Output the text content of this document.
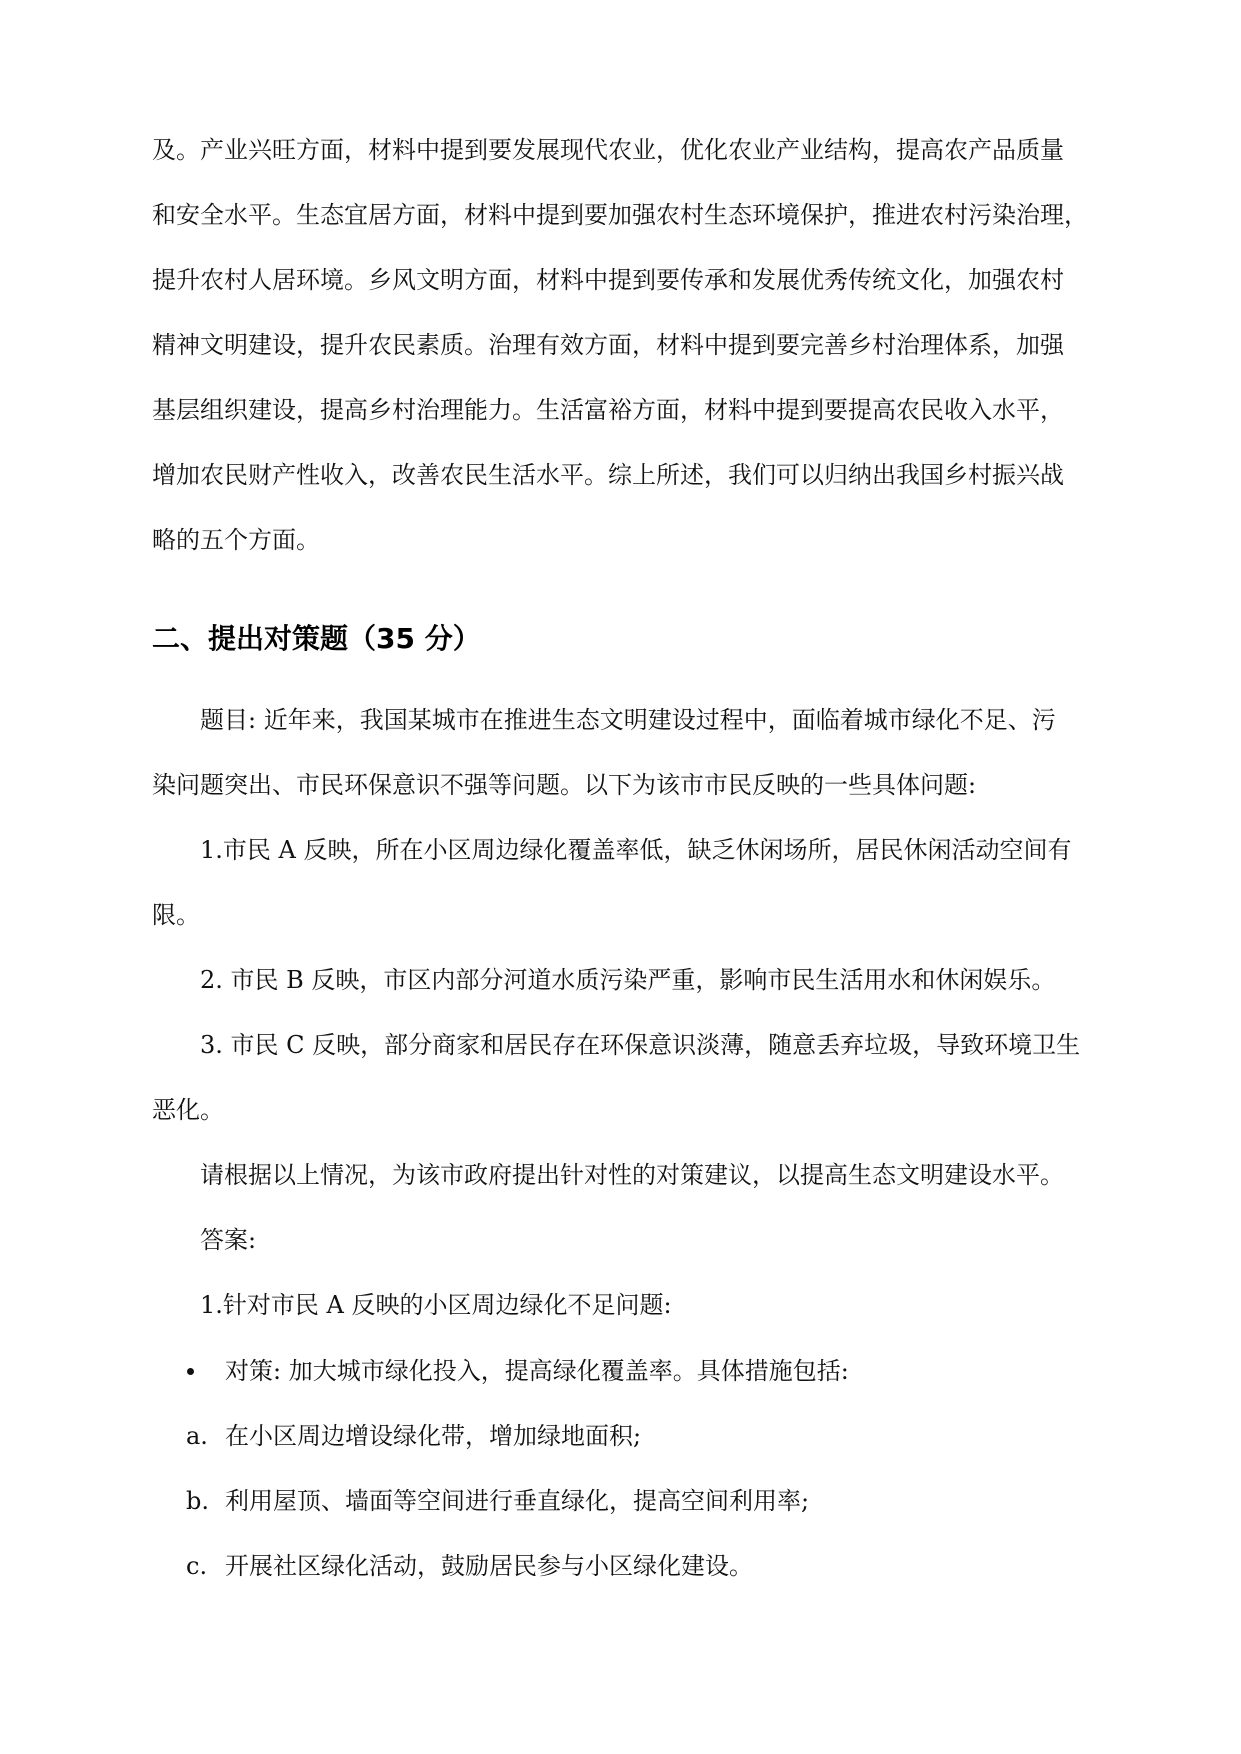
及。产业兴旺方面，材料中提到要发展现代农业，优化农业产业结构，提高农产品质量
和安全水平。生态宜居方面，材料中提到要加强农村生态环境保护，推进农村污染治理，
提升农村人居环境。乡风文明方面，材料中提到要传承和发展优秀传统文化，加强农村
精神文明建设，提升农民素质。治理有效方面，材料中提到要完善乡村治理体系，加强
基层组织建设，提高乡村治理能力。生活富裕方面，材料中提到要提高农民收入水平，
增加农民财产性收入，改善农民生活水平。综上所述，我们可以归纳出我国乡村振兴战
略的五个方面。
二、提出对策题（35 分）
题目: 近年来，我国某城市在推进生态文明建设过程中，面临着城市绿化不足、污
染问题突出、市民环保意识不强等问题。以下为该市市民反映的一些具体问题:
1.市民 A 反映，所在小区周边绿化覆盖率低，缺乏休闲场所，居民休闲活动空间有
限。
2. 市民 B 反映，市区内部分河道水质污染严重，影响市民生活用水和休闲娱乐。
3. 市民 C 反映，部分商家和居民存在环保意识淡薄，随意丢弃垃圾，导致环境卫生
恶化。
请根据以上情况，为该市政府提出针对性的对策建议，以提高生态文明建设水平。
答案:
1.针对市民 A 反映的小区周边绿化不足问题:
对策: 加大城市绿化投入，提高绿化覆盖率。具体措施包括:
a. 在小区周边增设绿化带，增加绿地面积;
b. 利用屋顶、墙面等空间进行垂直绿化，提高空间利用率;
c. 开展社区绿化活动，鼓励居民参与小区绿化建设。
